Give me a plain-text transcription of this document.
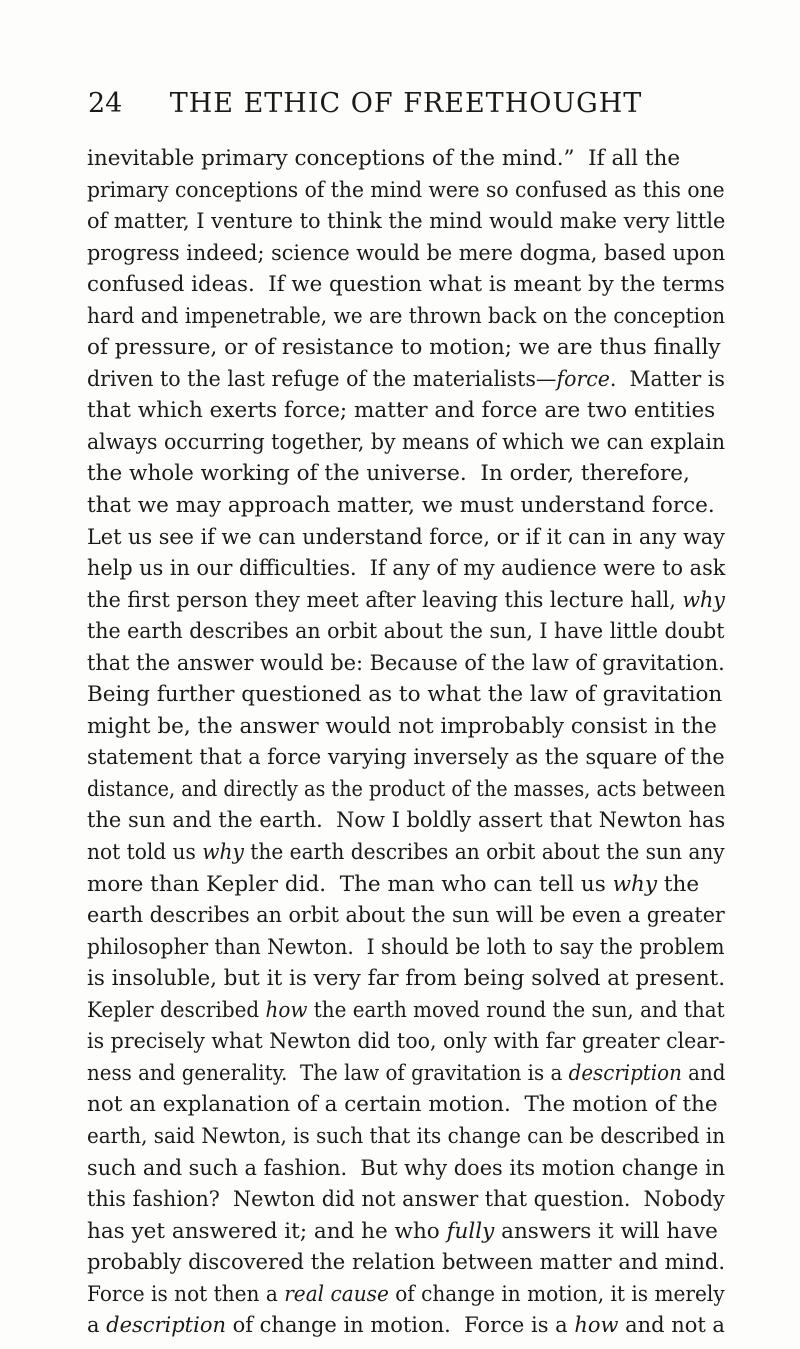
24	THE ETHIC OF FREETHOUGHT
inevitable primary conceptions of the mind.”  If all the
primary conceptions of the mind were so confused as this one
of matter, I venture to think the mind would make very little
progress indeed; science would be mere dogma, based upon
confused ideas.  If we question what is meant by the terms
hard and impenetrable, we are thrown back on the conception
of pressure, or of resistance to motion; we are thus finally
driven to the last refuge of the materialists—force.  Matter is
that which exerts force; matter and force are two entities
always occurring together, by means of which we can explain
the whole working of the universe.  In order, therefore,
that we may approach matter, we must understand force.
Let us see if we can understand force, or if it can in any way
help us in our difficulties.  If any of my audience were to ask
the first person they meet after leaving this lecture hall, why
the earth describes an orbit about the sun, I have little doubt
that the answer would be: Because of the law of gravitation.
Being further questioned as to what the law of gravitation
might be, the answer would not improbably consist in the
statement that a force varying inversely as the square of the
distance, and directly as the product of the masses, acts between
the sun and the earth.  Now I boldly assert that Newton has
not told us why the earth describes an orbit about the sun any
more than Kepler did.  The man who can tell us why the
earth describes an orbit about the sun will be even a greater
philosopher than Newton.  I should be loth to say the problem
is insoluble, but it is very far from being solved at present.
Kepler described how the earth moved round the sun, and that
is precisely what Newton did too, only with far greater clear-
ness and generality.  The law of gravitation is a description and
not an explanation of a certain motion.  The motion of the
earth, said Newton, is such that its change can be described in
such and such a fashion.  But why does its motion change in
this fashion?  Newton did not answer that question.  Nobody
has yet answered it; and he who fully answers it will have
probably discovered the relation between matter and mind.
Force is not then a real cause of change in motion, it is merely
a description of change in motion.  Force is a how and not a
